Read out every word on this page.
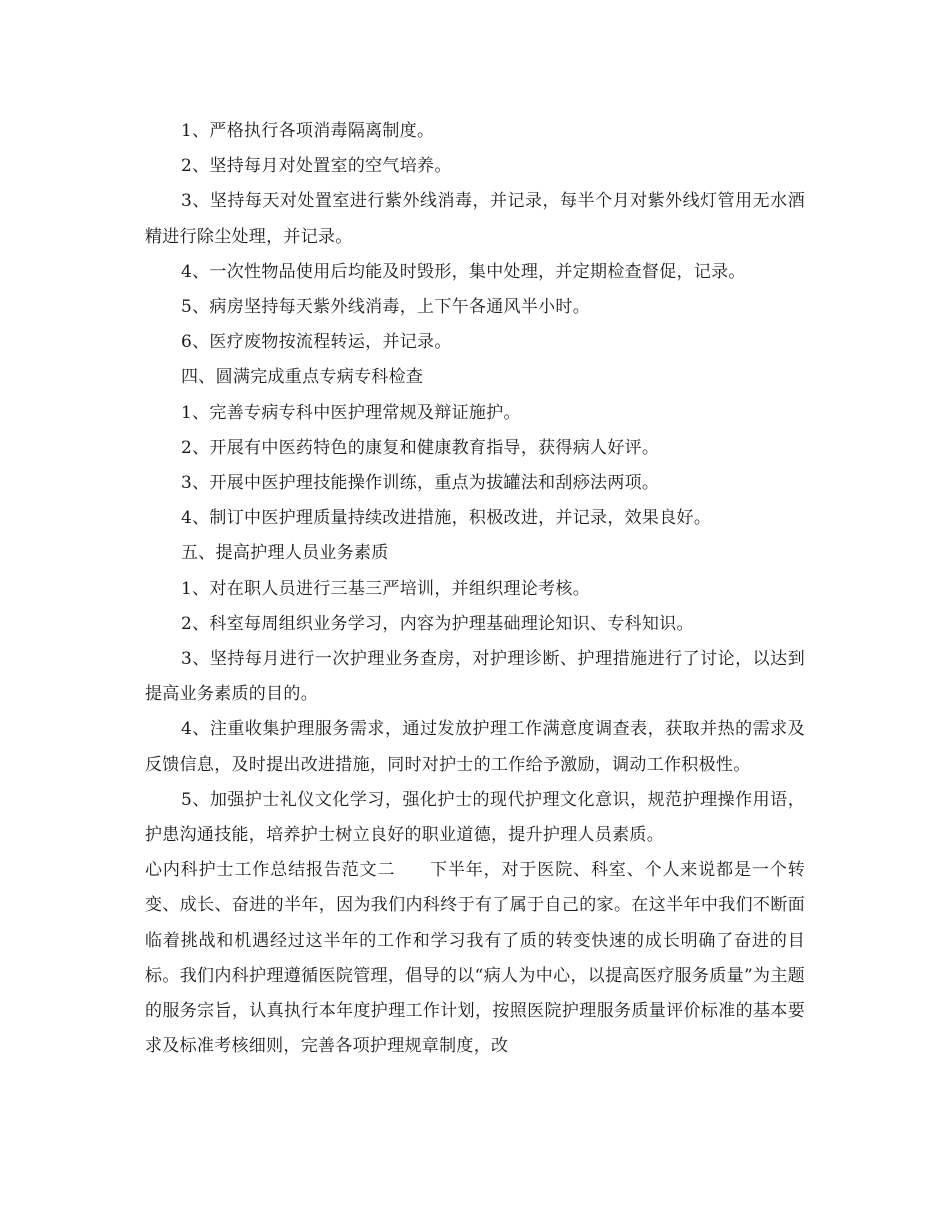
1、严格执行各项消毒隔离制度。

2、坚持每月对处置室的空气培养。

3、坚持每天对处置室进行紫外线消毒，并记录，每半个月对紫外线灯管用无水酒精进行除尘处理，并记录。

4、一次性物品使用后均能及时毁形，集中处理，并定期检查督促，记录。

5、病房坚持每天紫外线消毒，上下午各通风半小时。

6、医疗废物按流程转运，并记录。

四、圆满完成重点专病专科检查

1、完善专病专科中医护理常规及辩证施护。

2、开展有中医药特色的康复和健康教育指导，获得病人好评。

3、开展中医护理技能操作训练，重点为拔罐法和刮痧法两项。

4、制订中医护理质量持续改进措施，积极改进，并记录，效果良好。

五、提高护理人员业务素质

1、对在职人员进行三基三严培训，并组织理论考核。

2、科室每周组织业务学习，内容为护理基础理论知识、专科知识。

3、坚持每月进行一次护理业务查房，对护理诊断、护理措施进行了讨论，以达到提高业务素质的目的。

4、注重收集护理服务需求，通过发放护理工作满意度调查表，获取并热的需求及反馈信息，及时提出改进措施，同时对护士的工作给予激励，调动工作积极性。

5、加强护士礼仪文化学习，强化护士的现代护理文化意识，规范护理操作用语，护患沟通技能，培养护士树立良好的职业道德，提升护理人员素质。

心内科护士工作总结报告范文二 下半年，对于医院、科室、个人来说都是一个转变、成长、奋进的半年，因为我们内科终于有了属于自己的家。在这半年中我们不断面临着挑战和机遇经过这半年的工作和学习我有了质的转变快速的成长明确了奋进的目标。我们内科护理遵循医院管理，倡导的以“病人为中心，以提高医疗服务质量”为主题的服务宗旨，认真执行本年度护理工作计划，按照医院护理服务质量评价标准的基本要求及标准考核细则，完善各项护理规章制度，改
